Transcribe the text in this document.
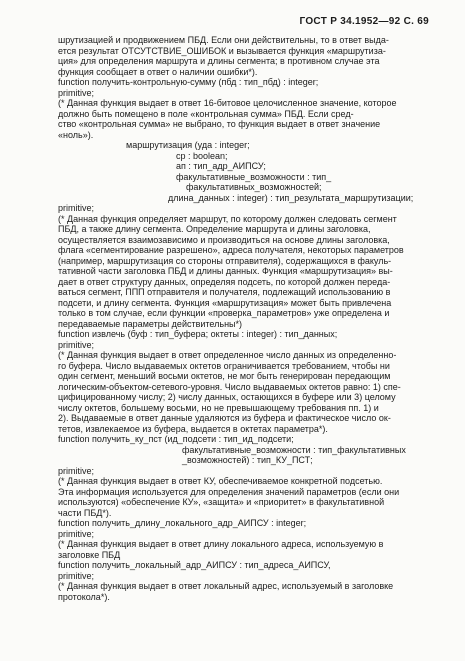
ГОСТ Р 34.1952—92 С. 69
шрутизацией и продвижением ПБД. Если они действительны, то в ответ выда-
ется результат ОТСУТСТВИЕ_ОШИБОК и вызывается функция «маршрутиза-
ция» для определения маршрута и длины сегмента; в противном случае эта
функция сообщает в ответ о наличии ошибки*).
function получить-контрольную-сумму (пбд : тип_пбд) : integer;
primitive;
(* Данная функция выдает в ответ 16-битовое целочисленное значение, которое
должно быть помещено в поле «контрольная сумма» ПБД. Если сред-
ство «контрольная сумма» не выбрано, то функция выдает в ответ значение
«ноль»).
маршрутизация (уда : integer;
ср : boolean;
ап : тип_адр_АИПСУ;
факультативные_возможности : тип_
факультативных_возможностей;
длина_данных : integer) : тип_результата_маршрутизации;
primitive;
(* Данная функция определяет маршрут, по которому должен следовать сегмент
ПБД, а также длину сегмента. Определение маршрута и длины заголовка,
осуществляется взаимозависимо и производиться на основе длины заголовка,
флага «сегментирование разрешено», адреса получателя, некоторых параметров
(например, маршрутизация со стороны отправителя), содержащихся в факуль-
тативной части заголовка ПБД и длины данных. Функция «маршрутизация» вы-
дает в ответ структуру данных, определяя подсеть, по которой должен переда-
ваться сегмент, ППП отправителя и получателя, подлежащий использованию в
подсети, и длину сегмента. Функция «маршрутизация» может быть привлечена
только в том случае, если функции «проверка_параметров» уже определена и
передаваемые параметры действительны*)
function извлечь (буф : тип_буфера; октеты : integer) : тип_данных;
primitive;
(* Данная функция выдает в ответ определенное число данных из определенно-
го буфера. Число выдаваемых октетов ограничивается требованием, чтобы ни
один сегмент, меньший восьми октетов, не мог быть генерирован передающим
логическим-объектом-сетевого-уровня. Число выдаваемых октетов равно: 1) спе-
цифицированному числу; 2) числу данных, остающихся в буфере или 3) целому
числу октетов, большему восьми, но не превышающему требования пп. 1) и
2). Выдаваемые в ответ данные удаляются из буфера и фактическое число ок-
тетов, извлекаемое из буфера, выдается в октетах параметра*).
function получить_ку_пст (ид_подсети : тип_ид_подсети;
факультативные_возможности : тип_факультативных
_возможностей) : тип_КУ_ПСТ;
primitive;
(* Данная функция выдает в ответ КУ, обеспечиваемое конкретной подсетью.
Эта информация используется для определения значений параметров (если они
используются) «обеспечение КУ», «защита» и «приоритет» в факультативной
части ПБД*).
function получить_длину_локального_адр_АИПСУ : integer;
primitive;
(* Данная функция выдает в ответ длину локального адреса, используемую в
заголовке ПБД
function получить_локальный_адр_АИПСУ : тип_адреса_АИПСУ,
primitive;
(* Данная функция выдает в ответ локальный адрес, используемый в заголовке
протокола*).
